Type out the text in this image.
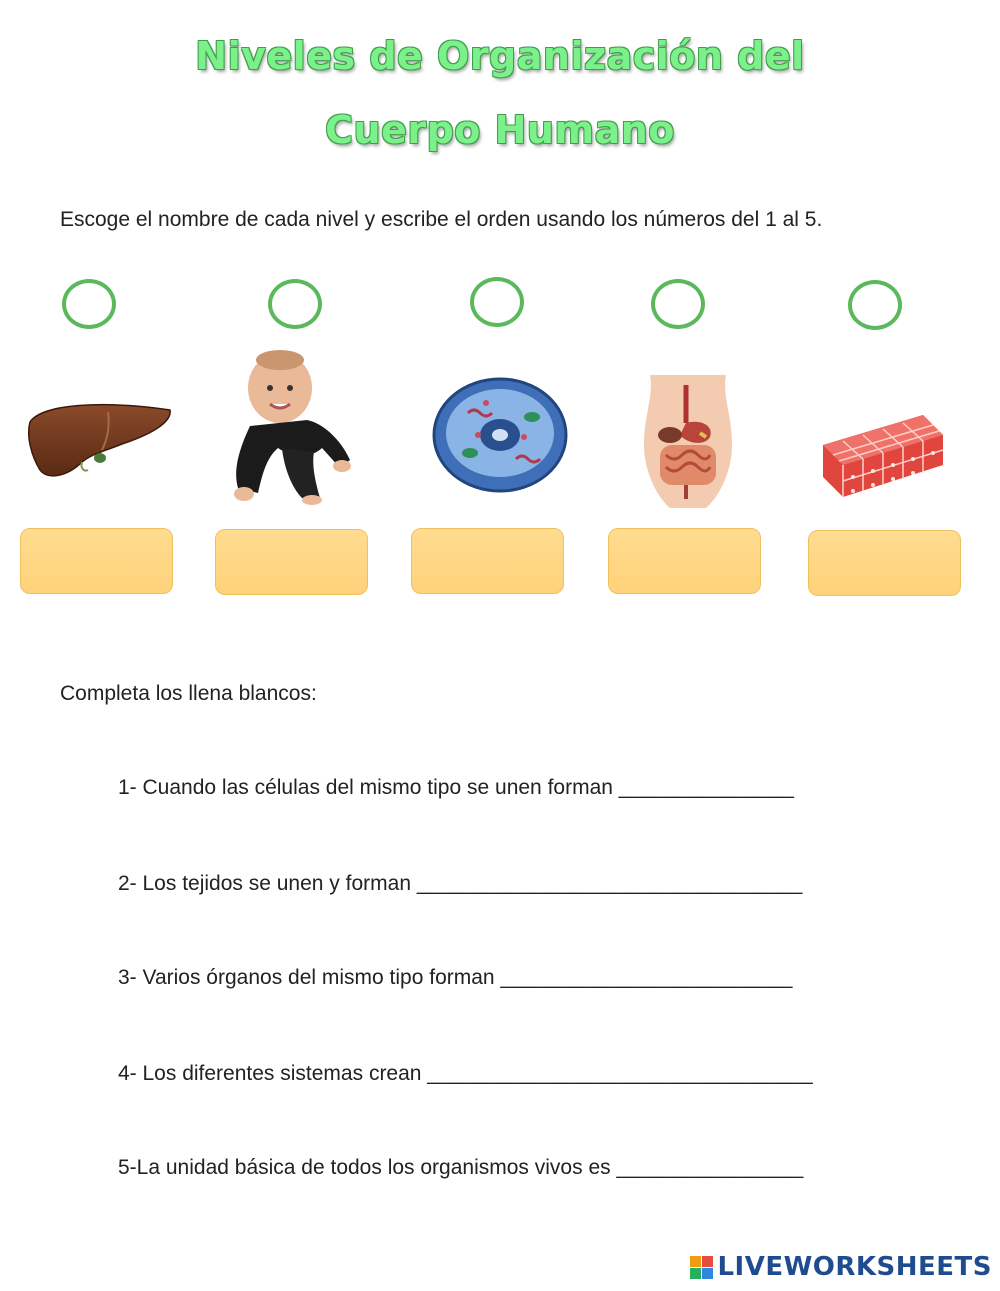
Niveles de Organización del
Cuerpo Humano
Escoge el nombre de cada nivel y escribe el orden usando los números del 1 al 5.
Completa los llena blancos:
1- Cuando las células del mismo tipo se unen forman _______________
2- Los tejidos se unen y forman _________________________________
3- Varios órganos del mismo tipo forman _________________________
4- Los diferentes sistemas crean _________________________________
5-La unidad básica de todos los organismos vivos es ________________
LIVEWORKSHEETS
